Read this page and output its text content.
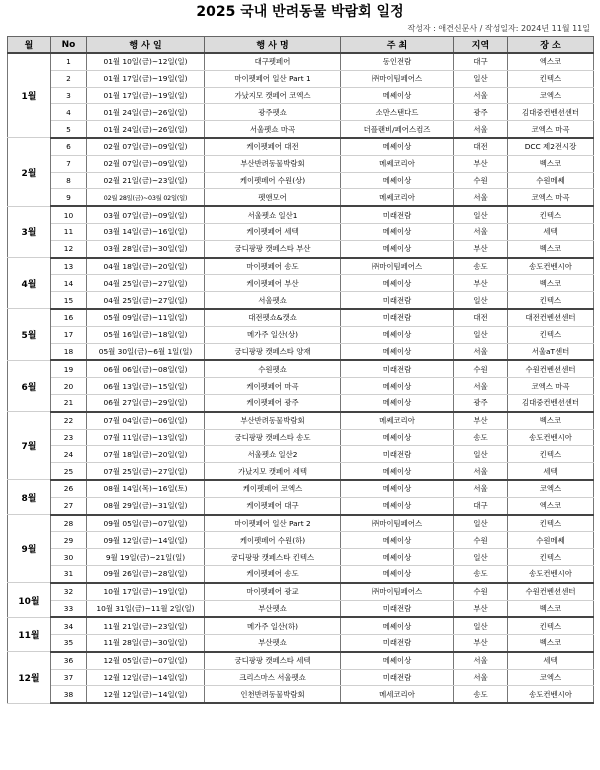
2025 국내 반려동물 박람회 일정
작성자 : 애견신문사 / 작성일자: 2024년 11월 11일
월	No	행 사 일	행 사 명	주 최	지역	장 소
1월	1	01월 10일(금)~12일(일)	대구펫페어	동인전람	대구	엑스코
	2	01월 17일(금)~19일(일)	마이펫페어 일산 Part 1	㈜마이팀페어스	일산	킨텍스
	3	01월 17일(금)~19일(일)	가났지모 캣페어 코엑스	메쎄이상	서울	코엑스
	4	01월 24일(금)~26일(일)	광주펫쇼	소만스탠다드	광주	김대중컨벤션센터
	5	01월 24일(금)~26일(일)	서울펫쇼 마곡	더플랜비/페어스컴즈	서울	코엑스 마곡
2월	6	02월 07일(금)~09일(일)	케이펫페어 대전	메쎄이상	대전	DCC 제2전시장
	7	02월 07일(금)~09일(일)	부산반려동물박람회	메쎄코리아	부산	벡스코
	8	02월 21일(금)~23일(일)	케이펫페어 수원(상)	메쎄이상	수원	수원메쎄
	9	02월 28일(금)~03월 02일(일)	펫앤모어	메쎄코리아	서울	코엑스 마곡
3월	10	03월 07일(금)~09일(일)	서울펫쇼 일산1	미래전람	일산	킨텍스
	11	03월 14일(금)~16일(일)	케이펫페어 세텍	메쎄이상	서울	세텍
	12	03월 28일(금)~30일(일)	궁디팡팡 캣페스타 부산	메쎄이상	부산	벡스코
4월	13	04월 18일(금)~20일(일)	마이펫페어 송도	㈜마이팀페어스	송도	송도컨벤시아
	14	04월 25일(금)~27일(일)	케이펫페어 부산	메쎄이상	부산	벡스코
	15	04월 25일(금)~27일(일)	서울펫쇼	미래전람	일산	킨텍스
5월	16	05월 09일(금)~11일(일)	대전펫쇼&캣쇼	미래전람	대전	대전컨벤션센터
	17	05월 16일(금)~18일(일)	메가주 일산(상)	메쎄이상	일산	킨텍스
	18	05월 30일(금)~6월 1일(일)	궁디팡팡 캣페스타 양재	메쎄이상	서울	서울aT센터
6월	19	06월 06일(금)~08일(일)	수원펫쇼	미래전람	수원	수원컨벤션센터
	20	06월 13일(금)~15일(일)	케이펫페어 마곡	메쎄이상	서울	코엑스 마곡
	21	06월 27일(금)~29일(일)	케이펫페어 광주	메쎄이상	광주	김대중컨벤션센터
7월	22	07월 04일(금)~06일(일)	부산반려동물박람회	메쎄코리아	부산	벡스코
	23	07월 11일(금)~13일(일)	궁디팡팡 캣페스타 송도	메쎄이상	송도	송도컨벤시아
	24	07월 18일(금)~20일(일)	서울펫쇼 일산2	미래전람	일산	킨텍스
	25	07월 25일(금)~27일(일)	가났지모 캣페어 세텍	메쎄이상	서울	세텍
8월	26	08월 14일(목)~16일(토)	케이펫페어 코엑스	메쎄이상	서울	코엑스
	27	08월 29일(금)~31일(일)	케이펫페어 대구	메쎄이상	대구	엑스코
9월	28	09월 05일(금)~07일(일)	마이펫페어 일산 Part 2	㈜마이팀페어스	일산	킨텍스
	29	09월 12일(금)~14일(일)	케이펫페어 수원(하)	메쎄이상	수원	수원메쎄
	30	9월 19일(금)~21일(일)	궁디팡팡 캣페스타 킨텍스	메쎄이상	일산	킨텍스
	31	09월 26일(금)~28일(일)	케이펫페어 송도	메쎄이상	송도	송도컨벤시아
10월	32	10월 17일(금)~19일(일)	마이펫페어 광교	㈜마이팀페어스	수원	수원컨벤션센터
	33	10월 31일(금)~11월 2일(일)	부산펫쇼	미래전람	부산	벡스코
11월	34	11월 21일(금)~23일(일)	메가주 일산(하)	메쎄이상	일산	킨텍스
	35	11월 28일(금)~30일(일)	부산펫쇼	미래전람	부산	벡스코
12월	36	12월 05일(금)~07일(일)	궁디팡팡 캣페스타 세텍	메쎄이상	서울	세텍
	37	12월 12일(금)~14일(일)	크리스마스 서울펫쇼	미래전람	서울	코엑스
	38	12월 12일(금)~14일(일)	인천반려동물박람회	메세코리아	송도	송도컨벤시아
